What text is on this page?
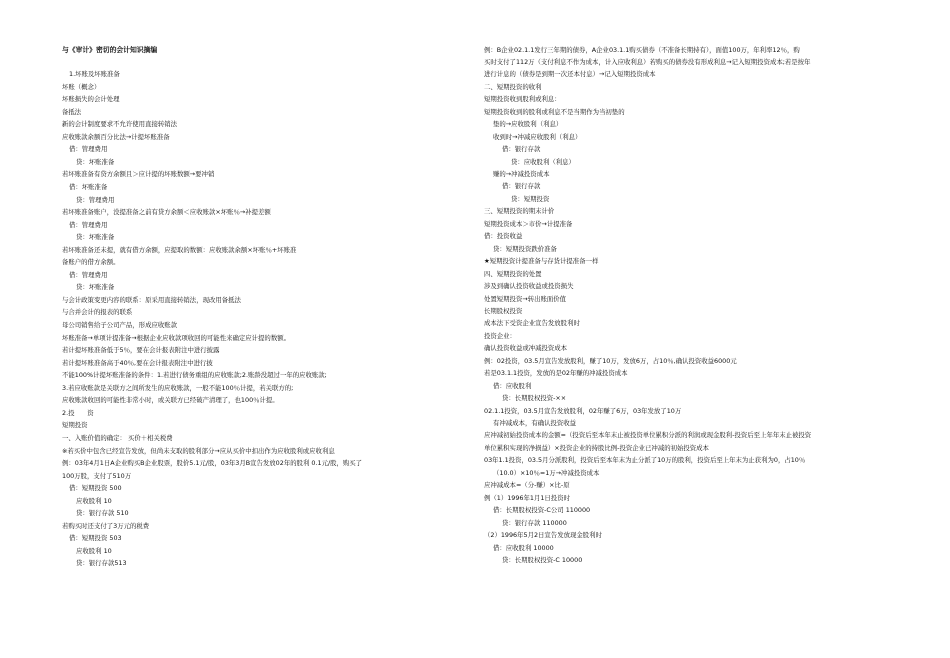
与《审计》密切的会计知识摘编
1.坏账及坏账准备
坏账（概念）
坏账损失的会计处理
备抵法
新的会计制度要求不允许使用直接转销法
应收账款余额百分比法→计提坏账准备
借：管理费用
贷：坏账准备
若坏账准备有贷方余额且＞应计提的坏账数额→要冲销
借：坏账准备
贷：管理费用
若坏账准备账户，没提准备之前有贷方余额＜应收账款×坏账％→补提差额
借：管理费用
贷：坏账准备
若坏账准备还未提，就有借方余额，应提取的数额：应收账款余额×坏账％+坏账准
备账户的借方余额。
借：管理费用
贷：坏账准备
与会计政策变更内容的联系：原采用直接转销法，现改用备抵法
与合并会计的报表的联系
母公司销售给子公司产品，形成应收账款
坏账准备→单项计提准备→根据企业应收款项收回的可能性来确定应计提的数额。
若计提坏账准备低于5％，要在会计报表附注中进行披露
若计提坏账准备高于40％,要在会计报表附注中进行披
不能100%计提坏账准备的条件：1.若进行债务重组的应收账款;2.账龄没超过一年的应收账款;
3.若应收账款是关联方之间所发生的应收账款，一般不能100％计提，若关联方的;
应收账款收回的可能性非常小时，或关联方已经破产清理了，也100％计提。
2.投　　资
短期投资
一、入账价值的确定： 买价＋相关税费
※若买价中包含已经宣告发放，但尚未支取的股利部分→应从买价中扣出作为应收股利或应收利息
例：03年4月1日A企业购买B企业股票，股价5.1元/股，03年3月B宣告发放02年的股利 0.1元/股，购买了
100万股，支付了510万
借：短期投资 500
应收股利 10
贷：银行存款 510
若购买时还支付了3万元的税费
借：短期投资 503
应收股利 10
贷：银行存款513
例：B企业02.1.1发行三年期的债券，A企业03.1.1购买债券（不准备长期持有），面值100万，年利率12％，购
买时支付了112万（支付利息不作为成本，计入应收利息）若购买的债券没有形成利息→记入短期投资成本;若是按年
进行计息的（债券是到期一次还本付息）→记入短期投资成本
二、短期投资的收利
短期投资收到股利或利息：
短期投资收到的股利或利息不是当期作为当初垫的
垫的→应收股利（利息）
收到时→冲减应收股利（利息）
借：银行存款
贷：应收股利（利息）
赚的→冲减投资成本
借：银行存款
贷：短期投资
三、短期投资的期末计价
短期投资成本＞市价→计提准备
借：投资收益
贷：短期投资跌价准备
★短期投资计提准备与存货计提准备一样
四、短期投资的处置
涉及到确认投资收益或投资损失
处置短期投资→转出账面价值
长期股权投资
成本法下受资企业宣告发放股利时
投资企业：
确认投资收益或冲减投资成本
例：02投资，03.5月宣告发放股利，赚了10万，发放6万，占10％,确认投资收益6000元
若是03.1.1投资，发放的是02年赚的冲减投资成本
借：应收股利
贷：长期股权投资-××
02.1.1投资，03.5月宣告发放股利，02年赚了6万，03年发放了10万
有冲减成本，有确认投资收益
应冲减初始投资成本的金额=（投资后至本年末止被投资单位累积分派的利润或现金股利-投资后至上年年末止被投资
单位累积实现的净损益）×投资企业的持股比例-投资企业已冲减的初始投资成本
03年1.1投资，03.5月分派股利，投资后至本年末为止分派了10万的股利，投资后至上年末为止获利为0，占10％
（10.0）×10％=1万→冲减投资成本
应冲减成本=（分-赚）×比-原
例（1）1996年1月1日投资时
借：长期股权投资-C公司 110000
贷：银行存款 110000
（2）1996年5月2日宣告发放现金股利时
借：应收股利 10000
贷：长期股权投资-C 10000
